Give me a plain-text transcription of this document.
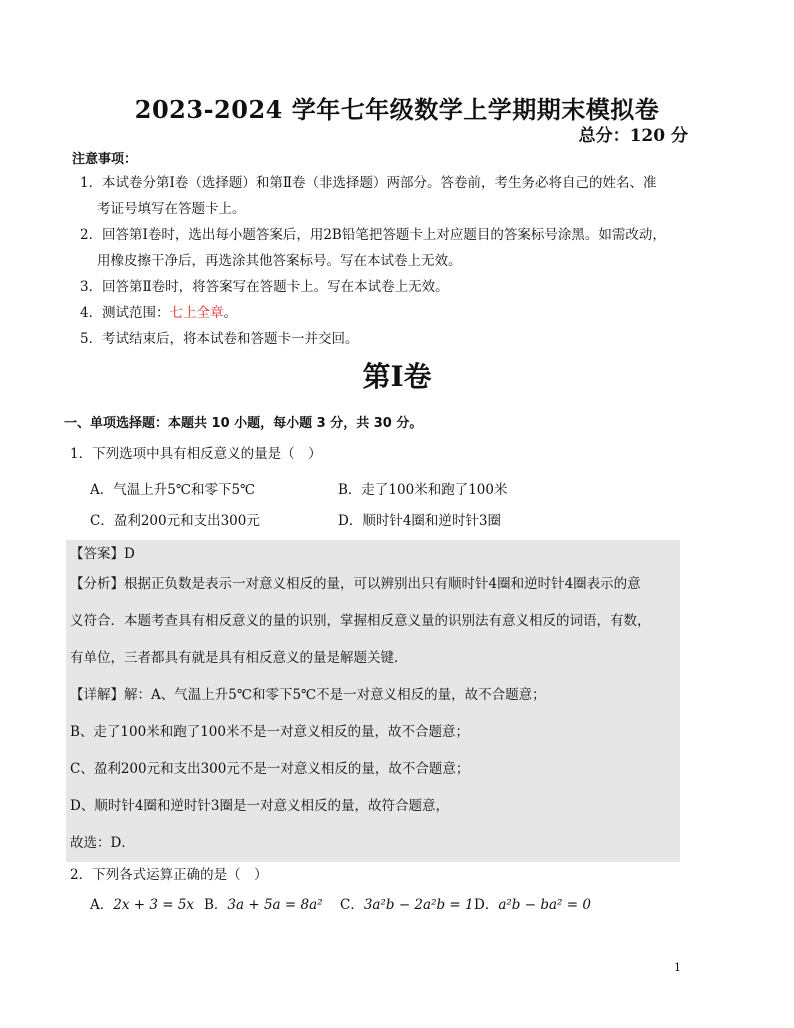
2023-2024 学年七年级数学上学期期末模拟卷
总分：120 分
注意事项：
1．本试卷分第Ⅰ卷（选择题）和第Ⅱ卷（非选择题）两部分。答卷前，考生务必将自己的姓名、准
考证号填写在答题卡上。
2．回答第Ⅰ卷时，选出每小题答案后，用2B铅笔把答题卡上对应题目的答案标号涂黑。如需改动，
用橡皮擦干净后，再选涂其他答案标号。写在本试卷上无效。
3．回答第Ⅱ卷时，将答案写在答题卡上。写在本试卷上无效。
4．测试范围：七上全章。
5．考试结束后，将本试卷和答题卡一并交回。
第Ⅰ卷
一、单项选择题：本题共 10 小题，每小题 3 分，共 30 分。
1．下列选项中具有相反意义的量是（　）
A．气温上升5℃和零下5℃	B．走了100米和跑了100米
C．盈利200元和支出300元	D．顺时针4圈和逆时针3圈
【答案】D
【分析】根据正负数是表示一对意义相反的量，可以辨别出只有顺时针4圈和逆时针4圈表示的意
义符合．本题考查具有相反意义的量的识别，掌握相反意义量的识别法有意义相反的词语，有数，
有单位，三者都具有就是具有相反意义的量是解题关键．
【详解】解：A、气温上升5℃和零下5℃不是一对意义相反的量，故不合题意；
B、走了100米和跑了100米不是一对意义相反的量，故不合题意；
C、盈利200元和支出300元不是一对意义相反的量，故不合题意；
D、顺时针4圈和逆时针3圈是一对意义相反的量，故符合题意，
故选：D．
2．下列各式运算正确的是（　）
A．2x + 3 = 5x B．3a + 5a = 8a² C．3a²b − 2a²b = 1 D．a²b − ba² = 0
1
